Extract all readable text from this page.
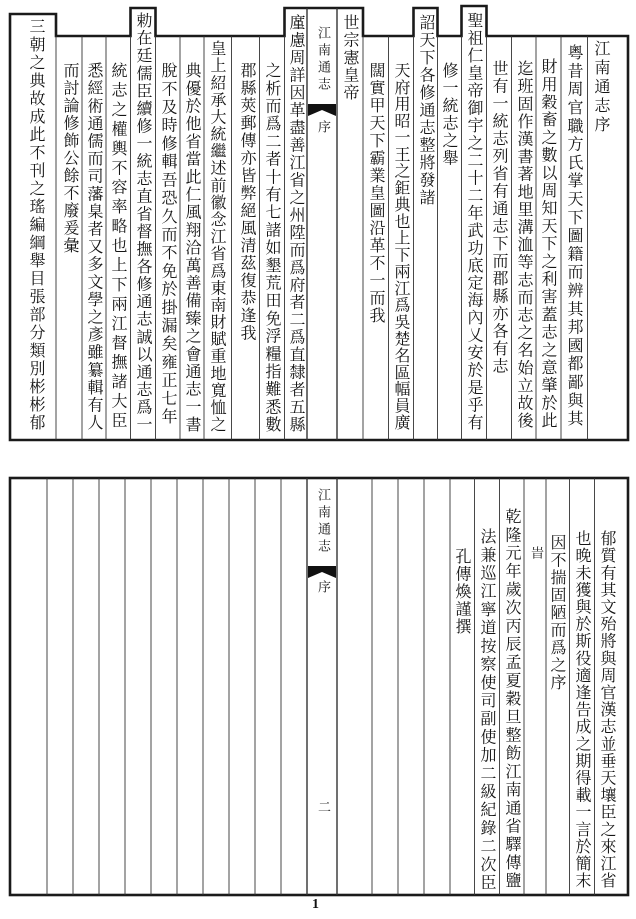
江南通志序
粵昔周官職方氏掌天下圖籍而辨其邦國都鄙與其
財用穀畜之數以周知天下之利害蓋志之意肇於此
迄班固作漢書著地里溝洫等志而志之名始立故後
世有一統志列省有通志下而郡縣亦各有志
聖祖仁皇帝御宇之二十二年武功底定海內乂安於是乎有
修一統志之舉
詔天下各修通志整將發諸
天府用昭一王之鉅典也上下兩江爲吳楚名區幅員廣
闊實甲天下霸業皇圖沿革不一而我
世宗憲皇帝
江南通志
序
廑慮周詳因革盡善江省之州陞而爲府者二爲直隸者五縣
之析而爲二者十有七諸如墾荒田免浮糧指難悉數
郡縣莢郵傳亦皆弊絕風清茲復恭逢我
皇上紹承大統繼述前徽念江省爲東南財賦重地寬恤之
典優於他省當此仁風翔洽萬善備臻之會通志一書
脫不及時修輯吾恐久而不免於掛漏矣雍正七年
勅在廷儒臣續修一統志直省督撫各修通志誠以通志爲一
統志之權輿不容率略也上下兩江督撫諸大臣
悉經術通儒而司藩臬者又多文學之彥雖纂輯有人
而討論修飾公餘不廢爰彙
三朝之典故成此不刊之瑤編綱舉目張部分類別彬彬郁
郁質有其文殆將與周官漢志並垂天壤臣之來江省
也晚未獲與於斯役適逢告成之期得載一言於簡末
因不揣固陋而爲之序
旹
乾隆元年歲次丙辰孟夏穀旦整飭江南通省驛傳鹽
法兼巡江寧道按察使司副使加二級紀錄二次臣
孔傳煥謹撰
江南通志
序
二
1
